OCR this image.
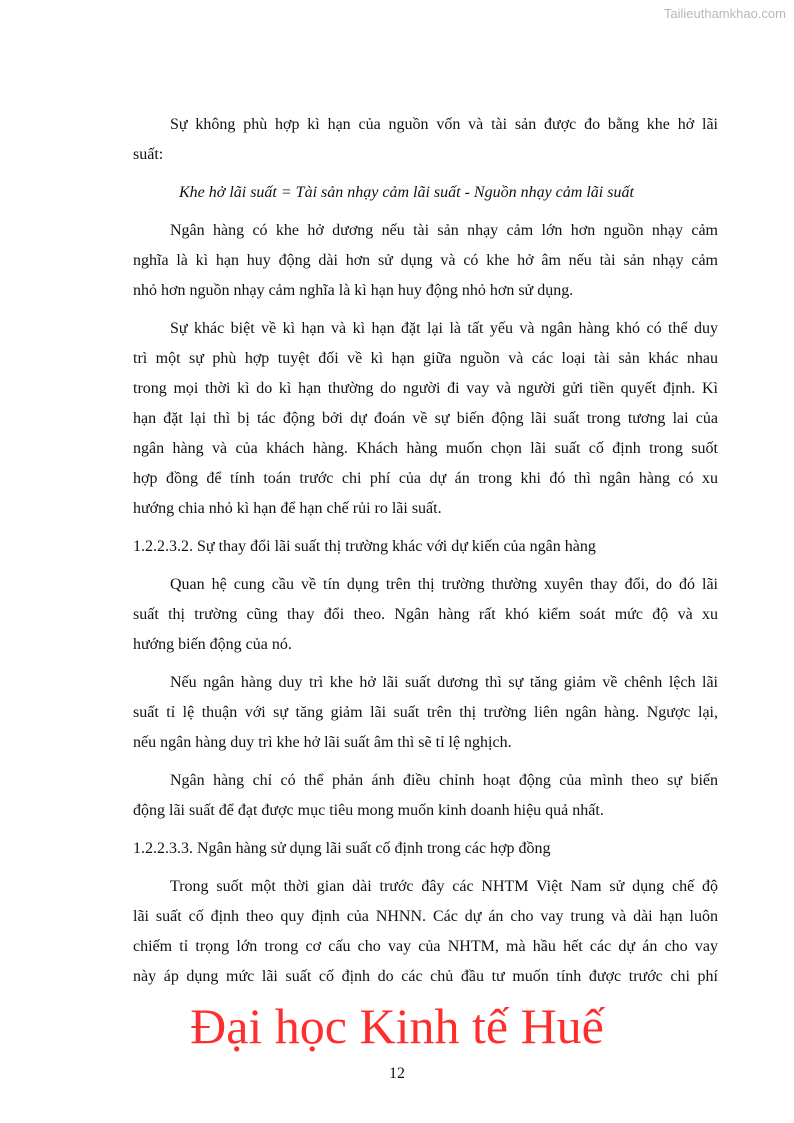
Tailieuthamkhao.com
Sự không phù hợp kì hạn của nguồn vốn và tài sản được đo bằng khe hở lãi
suất:
Khe hở lãi suất = Tài sản nhạy cảm lãi suất - Nguồn nhạy cảm lãi suất
Ngân hàng có khe hở dương nếu tài sản nhạy cảm lớn hơn nguồn nhạy cảm
nghĩa là kì hạn huy động dài hơn sử dụng và có khe hở âm nếu tài sản nhạy cảm
nhỏ hơn nguồn nhạy cảm nghĩa là kì hạn huy động nhỏ hơn sử dụng.
Sự khác biệt về kì hạn và kì hạn đặt lại là tất yếu và ngân hàng khó có thể duy
trì một sự phù hợp tuyệt đối về kì hạn giữa nguồn và các loại tài sản khác nhau
trong mọi thời kì do kì hạn thường do người đi vay và người gửi tiền quyết định. Kì
hạn đặt lại thì bị tác động bởi dự đoán về sự biến động lãi suất trong tương lai của
ngân hàng và của khách hàng. Khách hàng muốn chọn lãi suất cố định trong suốt
hợp đồng để tính toán trước chi phí của dự án trong khi đó thì ngân hàng có xu
hướng chia nhỏ kì hạn để hạn chế rủi ro lãi suất.
1.2.2.3.2. Sự thay đổi lãi suất thị trường khác với dự kiến của ngân hàng
Quan hệ cung cầu về tín dụng trên thị trường thường xuyên thay đổi, do đó lãi
suất thị trường cũng thay đổi theo. Ngân hàng rất khó kiểm soát mức độ và xu
hướng biến động của nó.
Nếu ngân hàng duy trì khe hở lãi suất dương thì sự tăng giảm về chênh lệch lãi
suất tỉ lệ thuận với sự tăng giảm lãi suất trên thị trường liên ngân hàng. Ngược lại,
nếu ngân hàng duy trì khe hở lãi suất âm thì sẽ tỉ lệ nghịch.
Ngân hàng chỉ có thể phản ánh điều chỉnh hoạt động của mình theo sự biến
động lãi suất để đạt được mục tiêu mong muốn kinh doanh hiệu quả nhất.
1.2.2.3.3. Ngân hàng sử dụng lãi suất cố định trong các hợp đồng
Trong suốt một thời gian dài trước đây các NHTM Việt Nam sử dụng chế độ
lãi suất cố định theo quy định của NHNN. Các dự án cho vay trung và dài hạn luôn
chiếm tỉ trọng lớn trong cơ cấu cho vay của NHTM, mà hầu hết các dự án cho vay
này áp dụng mức lãi suất cố định do các chủ đầu tư muốn tính được trước chi phí
Đại học Kinh tế Huế
12
